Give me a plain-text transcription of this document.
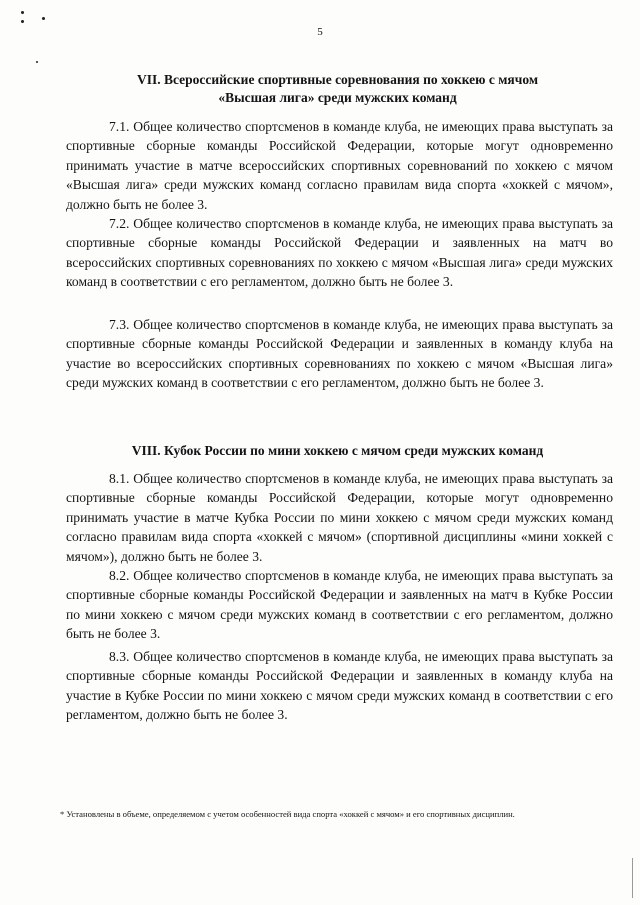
5
VII. Всероссийские спортивные соревнования по хоккею с мячом
«Высшая лига» среди мужских команд

7.1. Общее количество спортсменов в команде клуба, не имеющих права выступать за спортивные сборные команды Российской Федерации, которые могут одновременно принимать участие в матче всероссийских спортивных соревнований по хоккею с мячом «Высшая лига» среди мужских команд согласно правилам вида спорта «хоккей с мячом», должно быть не более 3.

7.2. Общее количество спортсменов в команде клуба, не имеющих права выступать за спортивные сборные команды Российской Федерации и заявленных на матч во всероссийских спортивных соревнованиях по хоккею с мячом «Высшая лига» среди мужских команд в соответствии с его регламентом, должно быть не более 3.

7.3. Общее количество спортсменов в команде клуба, не имеющих права выступать за спортивные сборные команды Российской Федерации и заявленных в команду клуба на участие во всероссийских спортивных соревнованиях по хоккею с мячом «Высшая лига» среди мужских команд в соответствии с его регламентом, должно быть не более 3.

VIII. Кубок России по мини хоккею с мячом среди мужских команд

8.1. Общее количество спортсменов в команде клуба, не имеющих права выступать за спортивные сборные команды Российской Федерации, которые могут одновременно принимать участие в матче Кубка России по мини хоккею с мячом среди мужских команд согласно правилам вида спорта «хоккей с мячом» (спортивной дисциплины «мини хоккей с мячом»), должно быть не более 3.

8.2. Общее количество спортсменов в команде клуба, не имеющих права выступать за спортивные сборные команды Российской Федерации и заявленных на матч в Кубке России по мини хоккею с мячом среди мужских команд в соответствии с его регламентом, должно быть не более 3.

8.3. Общее количество спортсменов в команде клуба, не имеющих права выступать за спортивные сборные команды Российской Федерации и заявленных в команду клуба на участие в Кубке России по мини хоккею с мячом среди мужских команд в соответствии с его регламентом, должно быть не более 3.

* Установлены в объеме, определяемом с учетом особенностей вида спорта «хоккей с мячом» и его спортивных дисциплин.
